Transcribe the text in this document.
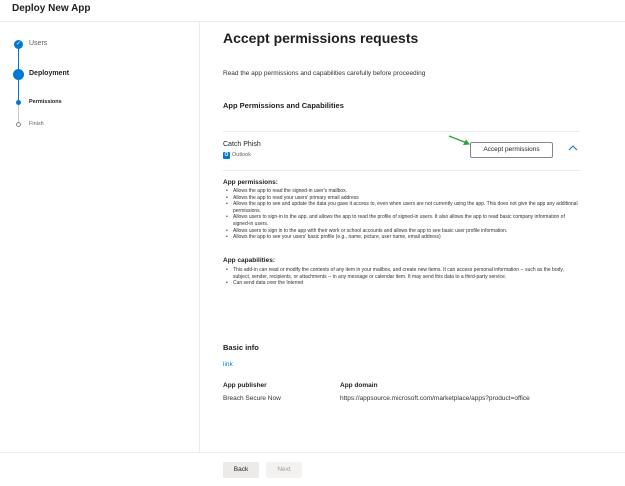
Deploy New App
✓ Users
Deployment
Permissions
Finish
Accept permissions requests

Read the app permissions and capabilities carefully before proceeding

App Permissions and Capabilities
Catch Phish
O Outlook
Accept permissions
App permissions:
• Allows the app to read the signed-in user's mailbox.
• Allows the app to read your users' primary email address
• Allows the app to see and update the data you gave it access to, even when users are not currently using the app. This does not give the app any additional permissions.
• Allows users to sign-in to the app, and allows the app to read the profile of signed-in users. It also allows the app to read basic company information of signed-in users.
• Allows users to sign in to the app with their work or school accounts and allows the app to see basic user profile information.
• Allows the app to see your users' basic profile (e.g., name, picture, user name, email address)
App capabilities:
• This add-in can read or modify the contents of any item in your mailbox, and create new items. It can access personal information -- such as the body, subject, sender, recipients, or attachments -- in any message or calendar item. It may send this data to a third-party service.
• Can send data over the Internet
Basic info
link
App publisher
Breach Secure Now
App domain
https://appsource.microsoft.com/marketplace/apps?product=office
Back	Next
